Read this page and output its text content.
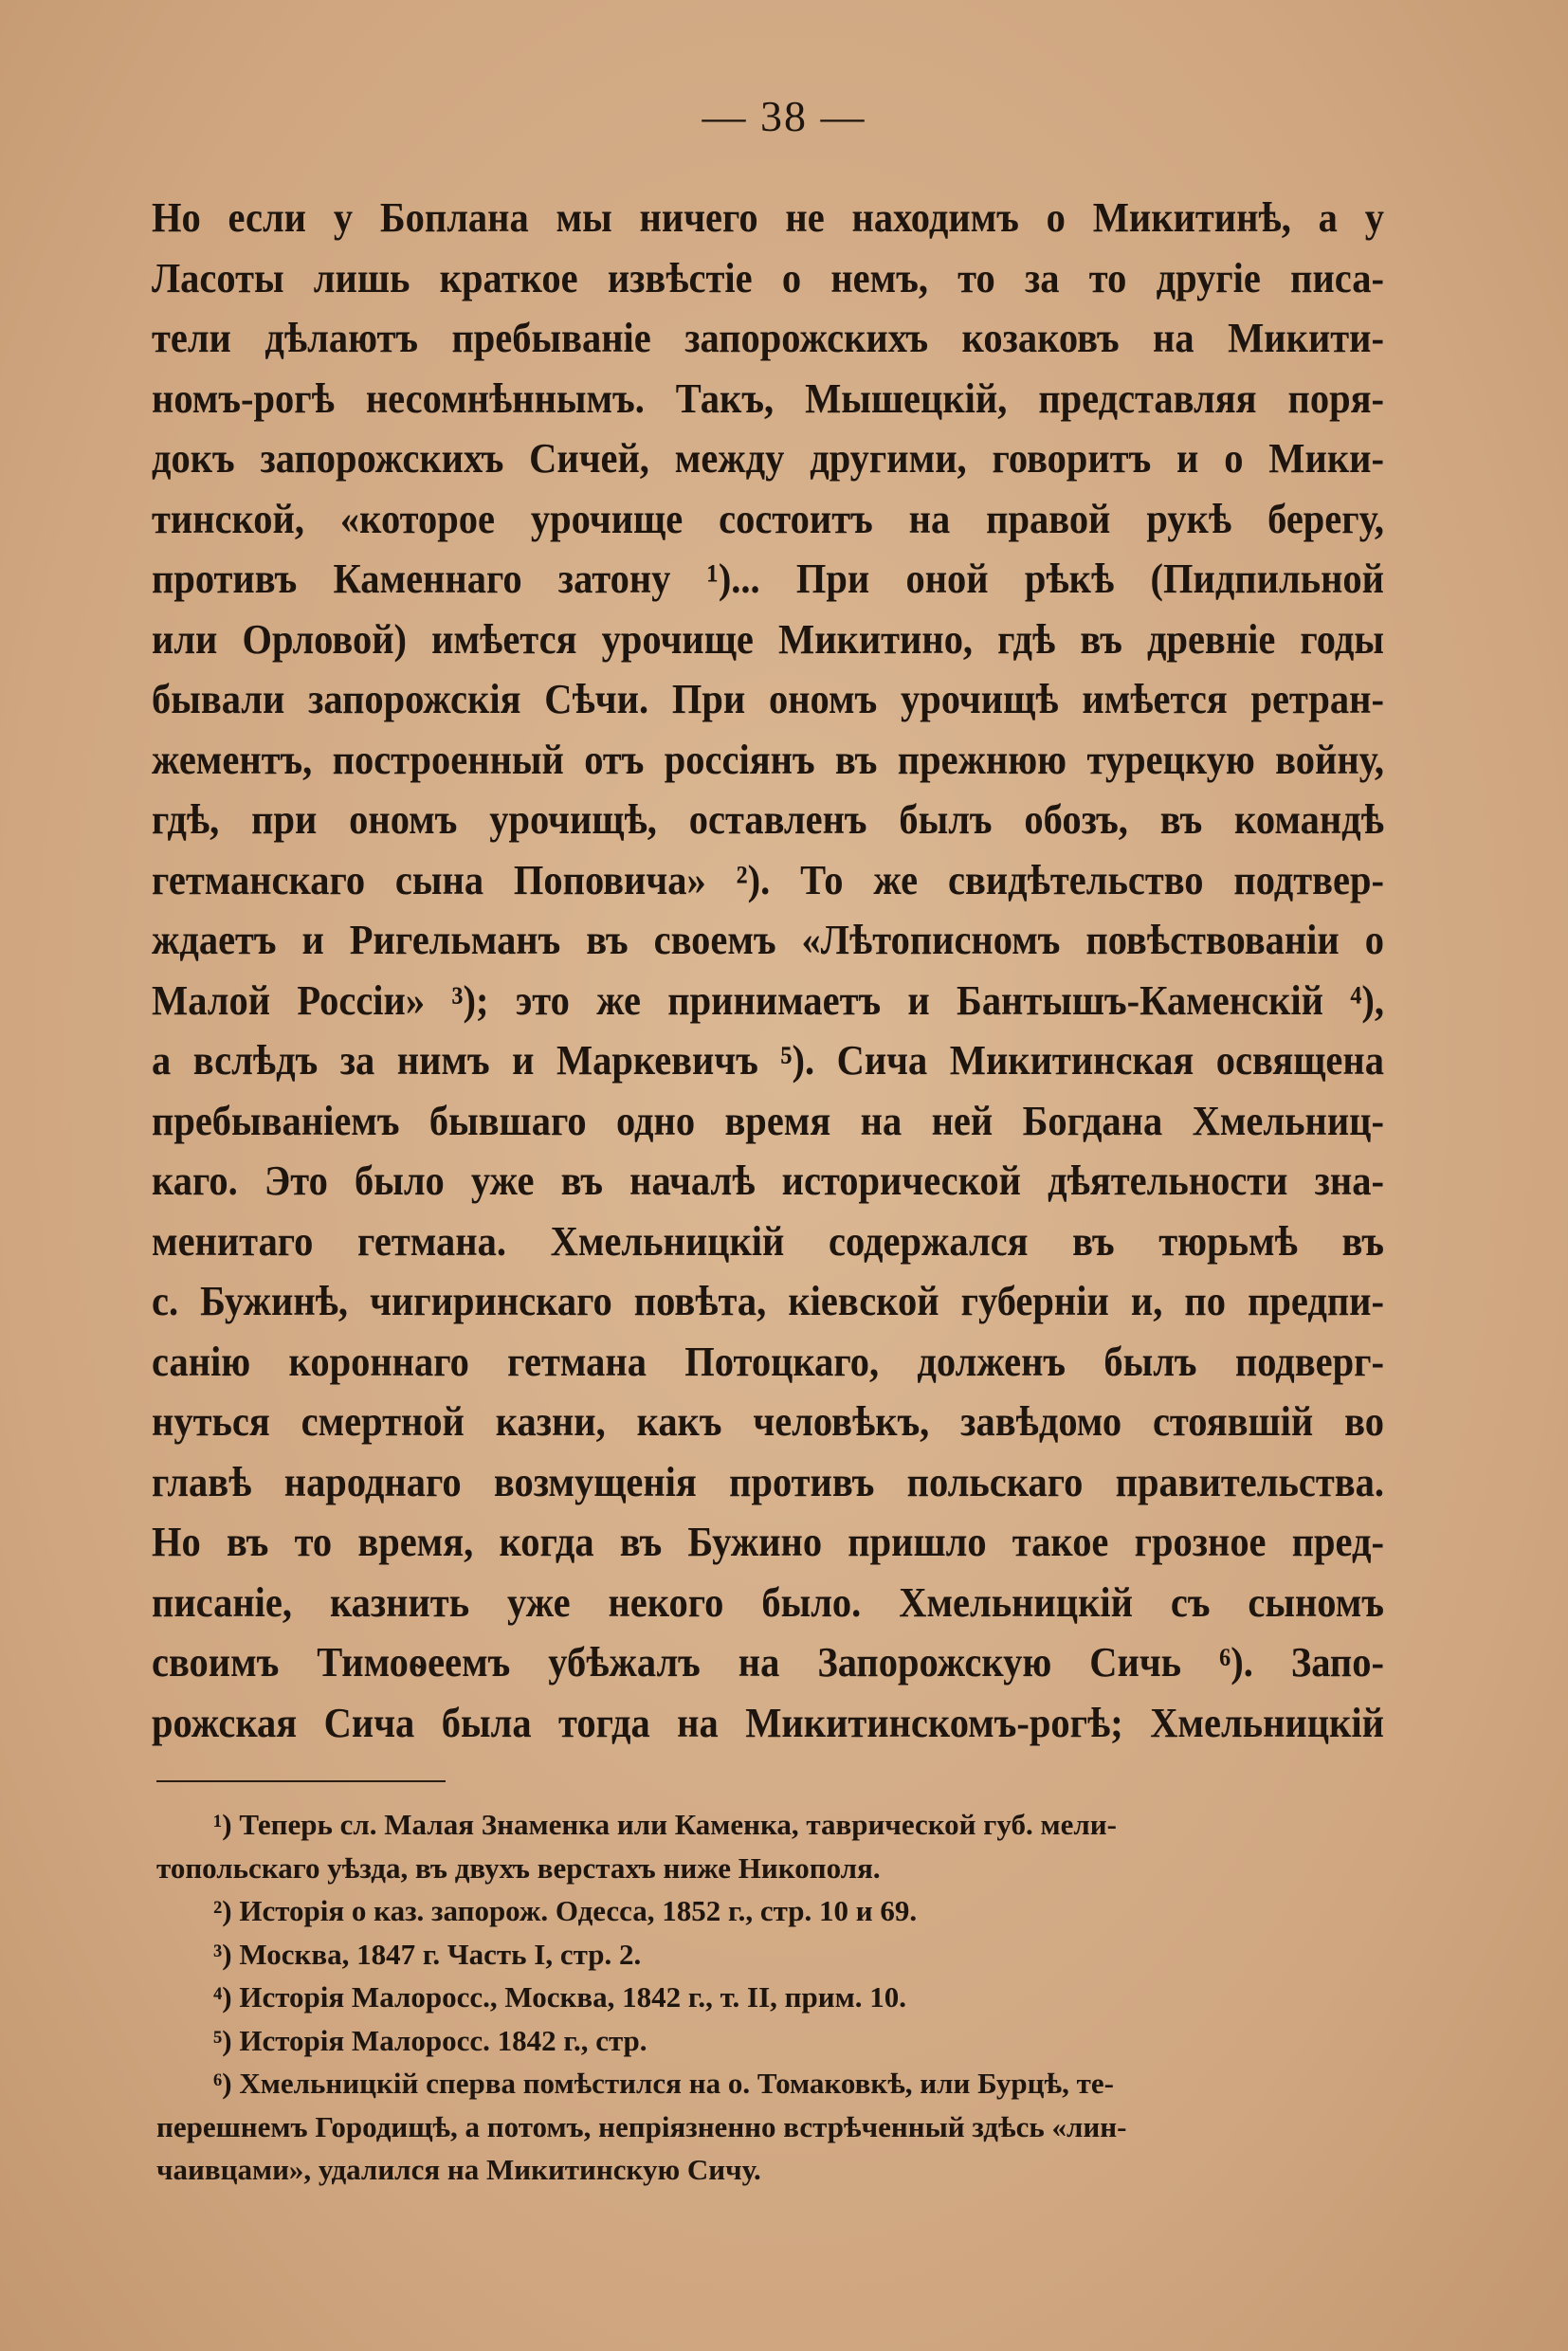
— 38 —
Но если у Боплана мы ничего не находимъ о Микитинѣ, а у
Ласоты лишь краткое извѣстіе о немъ, то за то другіе писа-
тели дѣлаютъ пребываніе запорожскихъ козаковъ на Микити-
номъ-рогѣ несомнѣннымъ. Такъ, Мышецкій, представляя поря-
докъ запорожскихъ Сичей, между другими, говоритъ и о Мики-
тинской, «которое урочище состоитъ на правой рукѣ берегу,
противъ Каменнаго затону ¹)... При оной рѣкѣ (Пидпильной
или Орловой) имѣется урочище Микитино, гдѣ въ древніе годы
бывали запорожскія Сѣчи. При ономъ урочищѣ имѣется ретран-
жементъ, построенный отъ россіянъ въ прежнюю турецкую войну,
гдѣ, при ономъ урочищѣ, оставленъ былъ обозъ, въ командѣ
гетманскаго сына Поповича» ²). То же свидѣтельство подтвер-
ждаетъ и Ригельманъ въ своемъ «Лѣтописномъ повѣствованіи о
Малой Россіи» ³); это же принимаетъ и Бантышъ-Каменскій ⁴),
а вслѣдъ за нимъ и Маркевичъ ⁵). Сича Микитинская освящена
пребываніемъ бывшаго одно время на ней Богдана Хмельниц-
каго. Это было уже въ началѣ исторической дѣятельности зна-
менитаго гетмана. Хмельницкій содержался въ тюрьмѣ въ
с. Бужинѣ, чигиринскаго повѣта, кіевской губерніи и, по предпи-
санію короннаго гетмана Потоцкаго, долженъ былъ подверг-
нуться смертной казни, какъ человѣкъ, завѣдомо стоявшій во
главѣ народнаго возмущенія противъ польскаго правительства.
Но въ то время, когда въ Бужино пришло такое грозное пред-
писаніе, казнить уже некого было. Хмельницкій съ сыномъ
своимъ Тимоѳеемъ убѣжалъ на Запорожскую Сичь ⁶). Запо-
рожская Сича была тогда на Микитинскомъ-рогѣ; Хмельницкій
¹) Теперь сл. Малая Знаменка или Каменка, таврической губ. мели-
топольскаго уѣзда, въ двухъ верстахъ ниже Никополя.
²) Исторія о каз. запорож. Одесса, 1852 г., стр. 10 и 69.
³) Москва, 1847 г. Часть I, стр. 2.
⁴) Исторія Малоросс., Москва, 1842 г., т. II, прим. 10.
⁵) Исторія Малоросс. 1842 г., стр.
⁶) Хмельницкій сперва помѣстился на о. Томаковкѣ, или Бурцѣ, те-
перешнемъ Городищѣ, а потомъ, непріязненно встрѣченный здѣсь «лин-
чаивцами», удалился на Микитинскую Сичу.
